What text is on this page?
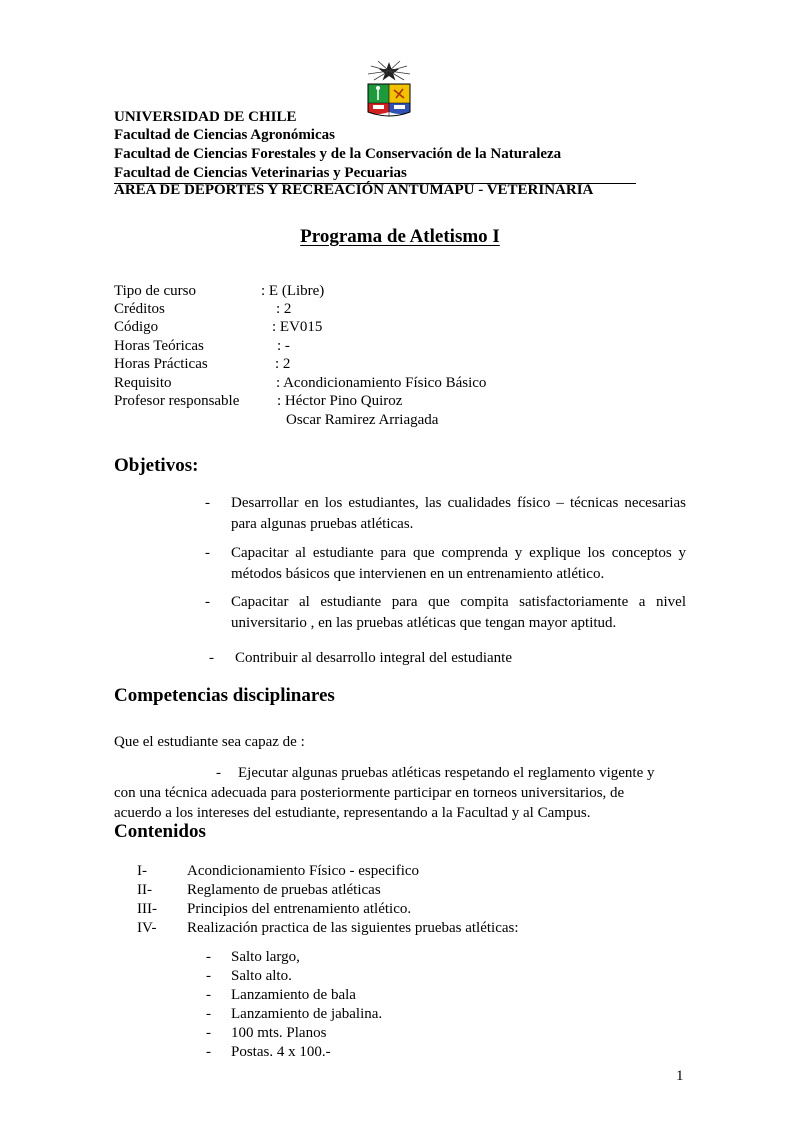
UNIVERSIDAD DE CHILE
Facultad de Ciencias Agronómicas
Facultad de Ciencias Forestales y de la Conservación de la Naturaleza
Facultad de Ciencias Veterinarias y Pecuarias
AREA DE DEPORTES Y RECREACIÓN ANTUMAPU - VETERINARIA
Programa de Atletismo I
Tipo de curso	: E (Libre)
Créditos	: 2
Código	: EV015
Horas Teóricas	: -
Horas Prácticas	: 2
Requisito	: Acondicionamiento Físico Básico
Profesor responsable	: Héctor Pino Quiroz
Oscar Ramirez Arriagada
Objetivos:
-	Desarrollar en los estudiantes, las cualidades físico – técnicas necesarias para algunas pruebas atléticas.
-	Capacitar al estudiante para que comprenda y explique los conceptos y métodos básicos que intervienen en un entrenamiento atlético.
-	Capacitar al estudiante para que compita satisfactoriamente a nivel universitario , en las pruebas atléticas que tengan mayor aptitud.
-	Contribuir al desarrollo integral del estudiante
Competencias disciplinares
Que el estudiante sea capaz de :
- Ejecutar algunas pruebas atléticas respetando el reglamento vigente y
con una técnica adecuada para posteriormente participar en torneos universitarios, de
acuerdo a los intereses del estudiante, representando a la Facultad y al Campus.
Contenidos
I-	Acondicionamiento Físico - especifico
II- Reglamento de pruebas atléticas
III- Principios del entrenamiento atlético.
IV- Realización practica de las siguientes pruebas atléticas:
- Salto largo,
- Salto alto.
- Lanzamiento de bala
- Lanzamiento de jabalina.
- 100 mts. Planos
- Postas. 4 x 100.-
1
